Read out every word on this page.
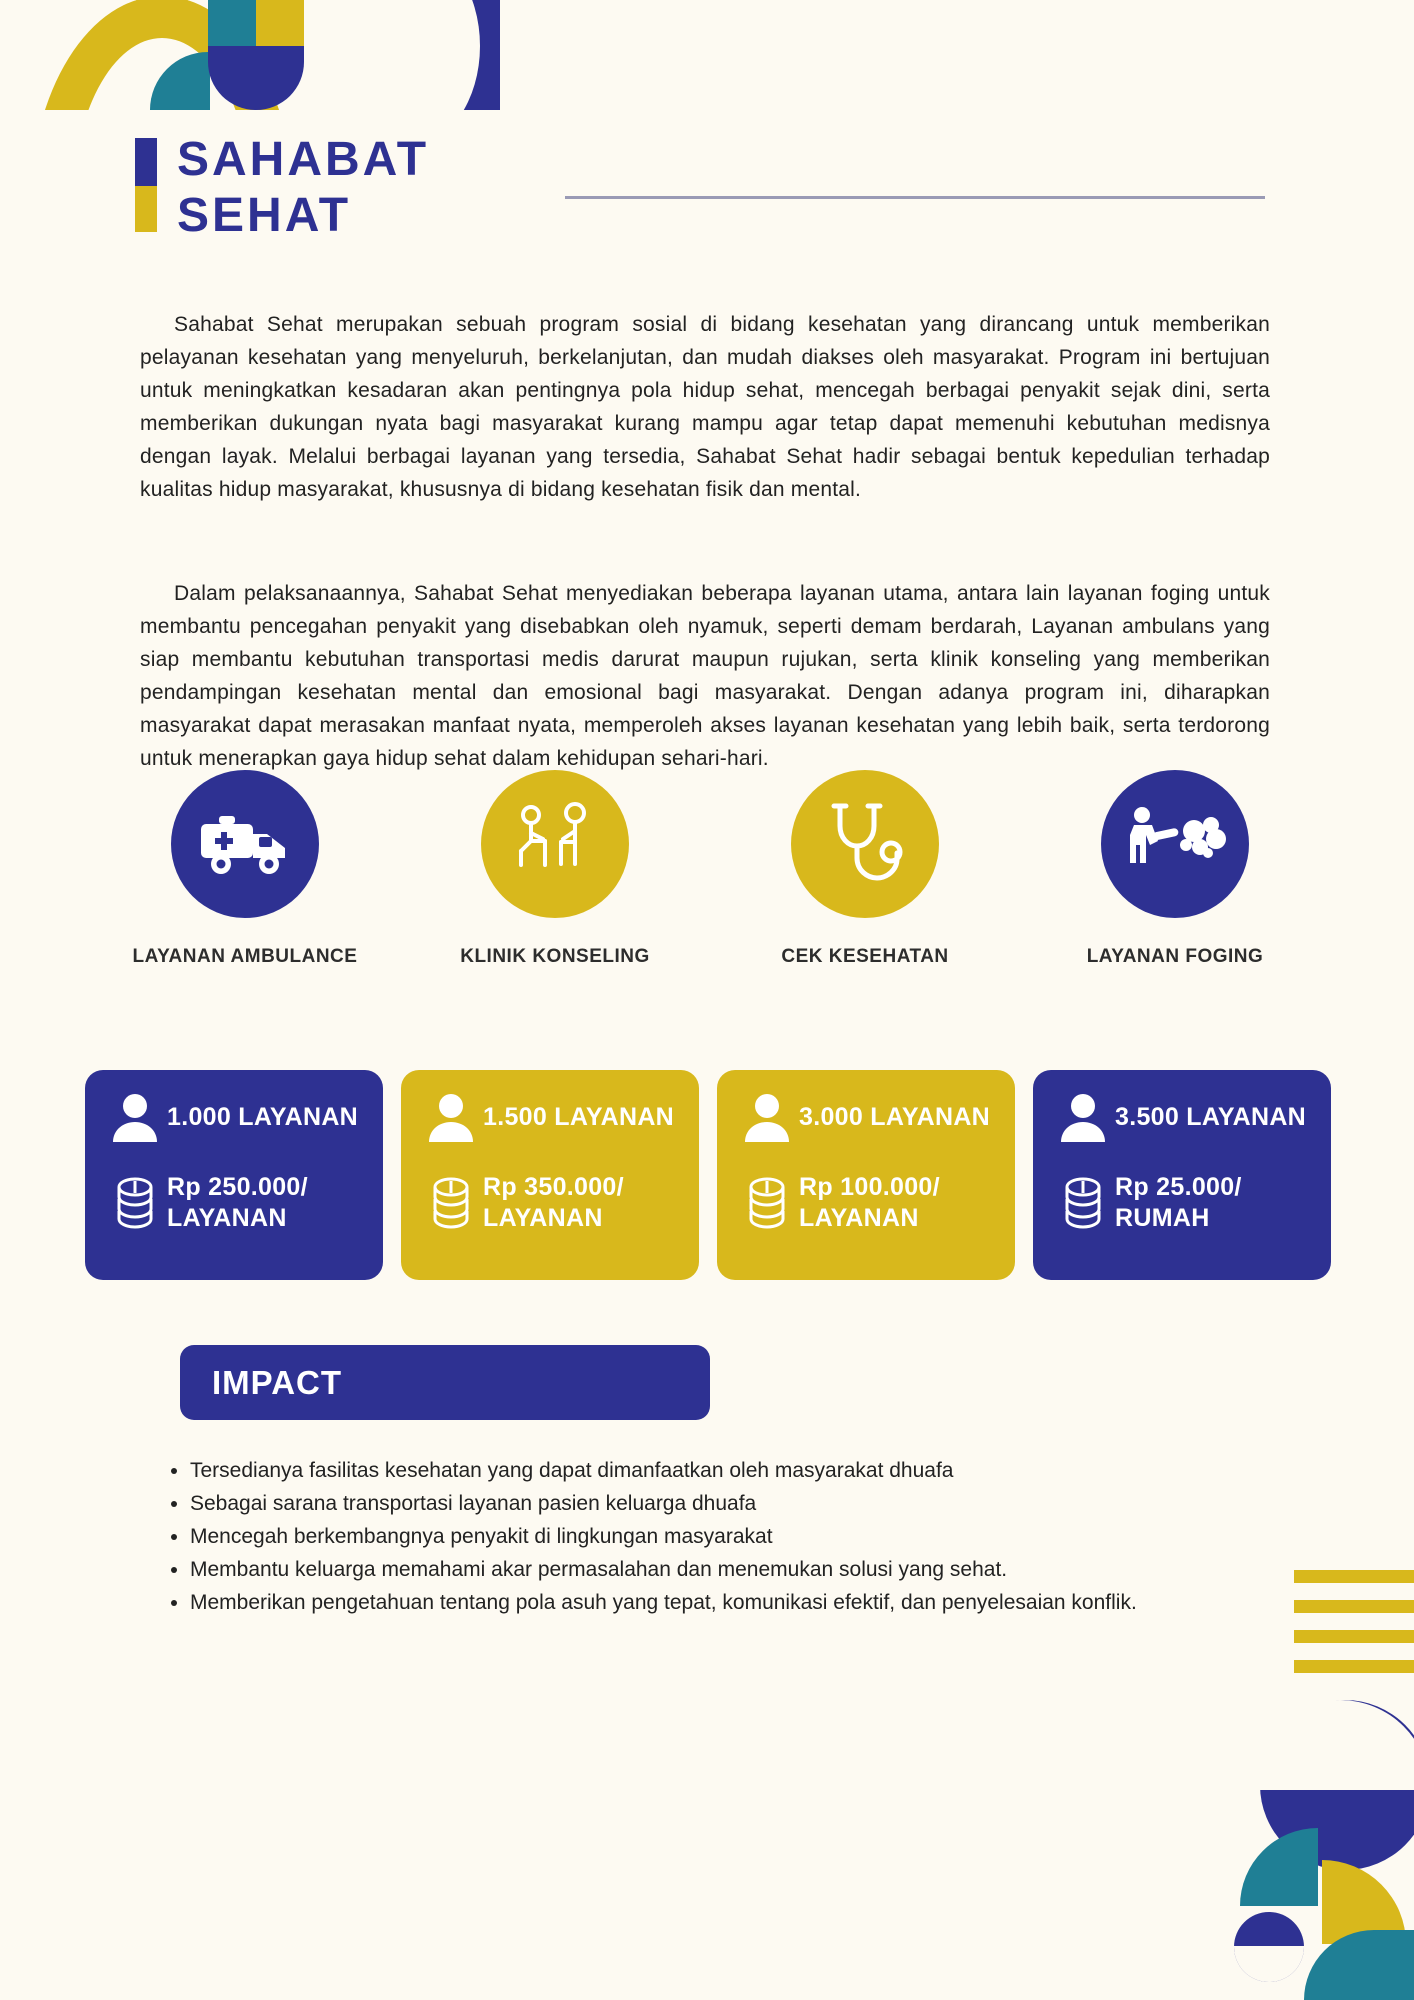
SAHABAT
SEHAT

Sahabat Sehat merupakan sebuah program sosial di bidang kesehatan yang dirancang untuk memberikan pelayanan kesehatan yang menyeluruh, berkelanjutan, dan mudah diakses oleh masyarakat. Program ini bertujuan untuk meningkatkan kesadaran akan pentingnya pola hidup sehat, mencegah berbagai penyakit sejak dini, serta memberikan dukungan nyata bagi masyarakat kurang mampu agar tetap dapat memenuhi kebutuhan medisnya dengan layak. Melalui berbagai layanan yang tersedia, Sahabat Sehat hadir sebagai bentuk kepedulian terhadap kualitas hidup masyarakat, khususnya di bidang kesehatan fisik dan mental.

Dalam pelaksanaannya, Sahabat Sehat menyediakan beberapa layanan utama, antara lain layanan foging untuk membantu pencegahan penyakit yang disebabkan oleh nyamuk, seperti demam berdarah, Layanan ambulans yang siap membantu kebutuhan transportasi medis darurat maupun rujukan, serta klinik konseling yang memberikan pendampingan kesehatan mental dan emosional bagi masyarakat. Dengan adanya program ini, diharapkan masyarakat dapat merasakan manfaat nyata, memperoleh akses layanan kesehatan yang lebih baik, serta terdorong untuk menerapkan gaya hidup sehat dalam kehidupan sehari-hari.

LAYANAN AMBULANCE	KLINIK KONSELING	CEK KESEHATAN	LAYANAN FOGING
1.000 LAYANAN
Rp 250.000/
LAYANAN
1.500 LAYANAN
Rp 350.000/
LAYANAN
3.000 LAYANAN
Rp 100.000/
LAYANAN
3.500 LAYANAN
Rp 25.000/
RUMAH
IMPACT
• Tersedianya fasilitas kesehatan yang dapat dimanfaatkan oleh masyarakat dhuafa
• Sebagai sarana transportasi layanan pasien keluarga dhuafa
• Mencegah berkembangnya penyakit di lingkungan masyarakat
• Membantu keluarga memahami akar permasalahan dan menemukan solusi yang sehat.
• Memberikan pengetahuan tentang pola asuh yang tepat, komunikasi efektif, dan penyelesaian konflik.
